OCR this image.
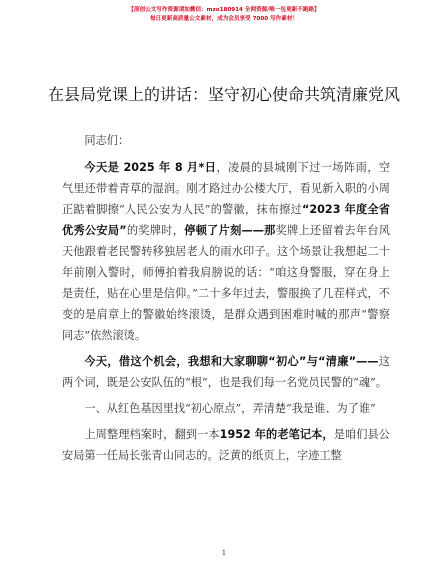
【原创公文写作资源请加微信：mzo180914 全网资源/唯一包更新不跑路】
每日更新高质量公文素材，成为会员享受 7000 写作素材！
在县局党课上的讲话：坚守初心使命共筑清廉党风

同志们：

今天是 2025 年 8 月*日，凌晨的县城刚下过一场阵雨，空气里还带着青草的湿润。刚才路过办公楼大厅，看见新入职的小周正踮着脚擦“人民公安为人民”的警徽，抹布擦过“2023 年度全省优秀公安局”的奖牌时，停顿了片刻——那奖牌上还留着去年台风天他跟着老民警转移独居老人的雨水印子。这个场景让我想起二十年前刚入警时，师傅拍着我肩膀说的话：“咱这身警服，穿在身上是责任，贴在心里是信仰。”二十多年过去，警服换了几茬样式，不变的是肩章上的警徽始终滚烫，是群众遇到困难时喊的那声“警察同志”依然滚烫。

今天，借这个机会，我想和大家聊聊“初心”与“清廉”——这两个词，既是公安队伍的“根”，也是我们每一名党员民警的“魂”。

一、从红色基因里找“初心原点”，弄清楚“我是谁、为了谁”

上周整理档案时，翻到一本1952 年的老笔记本，是咱们县公安局第一任局长张青山同志的。泛黄的纸页上，字迹工整

1
